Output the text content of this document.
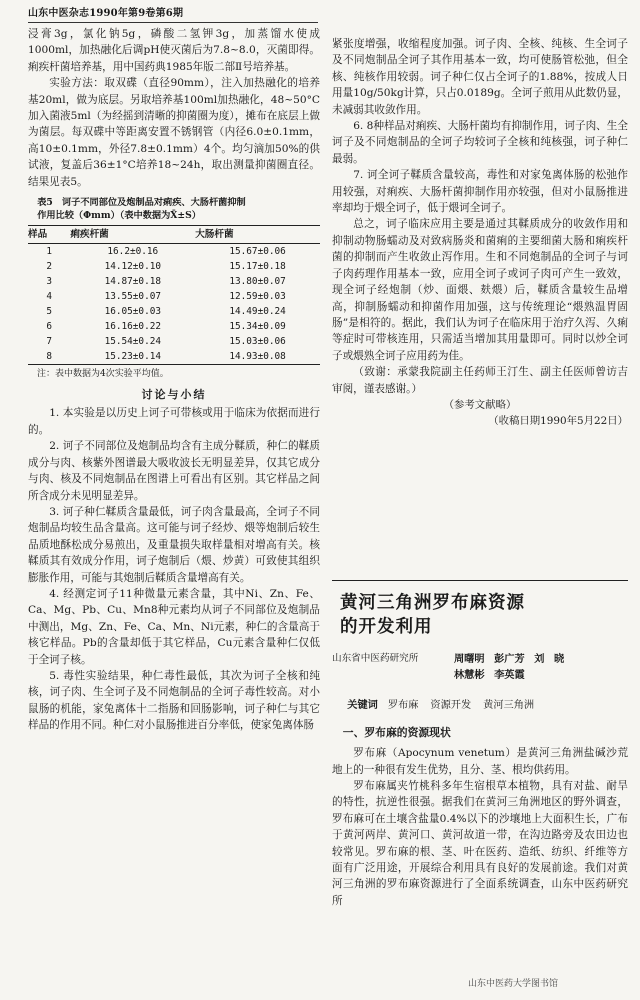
山东中医杂志1990年第9卷第6期

浸膏3g，氯化钠5g，磷酸二氢钾3g，加蒸馏水使成1000ml，加热融化后调pH使灭菌后为7.8~8.0，灭菌即得。痢疾杆菌培养基，用中国药典1985年版二部Ⅱ号培养基。

实验方法：取双碟（直径90mm），注入加热融化的培养基20ml，做为底层。另取培养基100ml加热融化，48~50°C加入菌液5ml（为经摇到清晰的抑菌圈为度），摊布在底层上做为菌层。每双碟中等距离安置不锈钢管（内径6.0±0.1mm，高10±0.1mm，外径7.8±0.1mm）4个。均匀滴加50%的供试液，复盖后36±1°C培养18~24h，取出测量抑菌圈直径。结果见表5。

表5　诃子不同部位及炮制品对痢疾、大肠杆菌抑制
作用比较（Φmm）（表中数据为X̄±S）
样品	痢疾杆菌	大肠杆菌
1	16.2±0.16	15.67±0.06
2	14.12±0.10	15.17±0.18
3	14.87±0.18	13.80±0.07
4	13.55±0.07	12.59±0.03
5	16.05±0.03	14.49±0.24
6	16.16±0.22	15.34±0.09
7	15.54±0.24	15.03±0.06
8	15.23±0.14	14.93±0.08
注：表中数据为4次实验平均值。
讨论与小结

1. 本实验是以历史上诃子可带核或用于临床为依据而进行的。

2. 诃子不同部位及炮制品均含有主成分鞣质，种仁的鞣质成分与肉、核紫外图谱最大吸收波长无明显差异，仅其它成分与肉、核及不同炮制品在图谱上可看出有区别。其它样品之间所含成分未见明显差异。

3. 诃子种仁鞣质含量最低，诃子肉含量最高，全诃子不同炮制品均较生品含量高。这可能与诃子经炒、煨等炮制后较生品质地酥松成分易煎出，及重量损失取样量相对增高有关。核鞣质其有效成分作用，诃子炮制后（煨、炒黄）可致使其组织膨胀作用，可能与其炮制后鞣质含量增高有关。

4. 经测定诃子11种微量元素含量，其中Ni、Zn、Fe、Ca、Mg、Pb、Cu、Mn8种元素均从诃子不同部位及炮制品中测出，Mg、Zn、Fe、Ca、Mn、Ni元素，种仁的含量高于核它样品。Pb的含量却低于其它样品，Cu元素含量种仁仅低于全诃子核。

5. 毒性实验结果，种仁毒性最低，其次为诃子全核和纯核，诃子肉、生全诃子及不同炮制品的全诃子毒性较高。对小鼠肠的机能，家兔离体十二指肠和回肠影响，诃子种仁与其它样品的作用不同。种仁对小鼠肠推进百分率低，使家兔离体肠

紧张度增强，收缩程度加强。诃子肉、全核、纯核、生全诃子及不同炮制品全诃子其作用基本一致，均可使肠管松弛，但全核、纯核作用较弱。诃子种仁仅占全诃子的1.88%，按成人日用量10g/50kg计算，只占0.0189g。全诃子煎用从此数仍显，未减弱其收敛作用。

6. 8种样品对痢疾、大肠杆菌均有抑制作用，诃子肉、生全诃子及不同炮制品的全诃子均较诃子全核和纯核强，诃子种仁最弱。

7. 诃全诃子鞣质含量较高，毒性和对家兔离体肠的松弛作用较强，对痢疾、大肠杆菌抑制作用亦较强，但对小鼠肠推进率却均于煨全诃子，低于煨诃全诃子。

总之，诃子临床应用主要是通过其鞣质成分的收敛作用和抑制动物肠蠕动及对致病肠炎和菌痢的主要细菌大肠和痢疾杆菌的抑制而产生收敛止泻作用。生和不同炮制品的全诃子与诃子肉药理作用基本一致，应用全诃子或诃子肉可产生一致效，现全诃子经炮制（炒、面煨、麸煨）后，鞣质含量较生品增高，抑制肠蠕动和抑菌作用加强，这与传统理论“煨熟温胃固肠”是相符的。据此，我们认为诃子在临床用于治疗久泻、久痢等症时可带核连用，只需适当增加其用量即可。同时以炒全诃子或煨熟全诃子应用药为佳。

（致谢：承蒙我院副主任药师王汀生、副主任医师曾访吉审阅，谨表感谢。）

（参考文献略）
（收稿日期1990年5月22日）
黄河三角洲罗布麻资源
的开发利用
山东省中医药研究所	周曙明 彭广芳 刘 晓
林慧彬 李英霞
关键词 罗布麻 资源开发 黄河三角洲
一、罗布麻的资源现状

罗布麻（Apocynum venetum）是黄河三角洲盐碱沙荒地上的一种很有发生优势，且分、茎、根均供药用。

罗布麻属夹竹桃科多年生宿根草本植物，具有对盐、耐旱的特性，抗逆性很强。据我们在黄河三角洲地区的野外调查，罗布麻可在土壤含盐量0.4%以下的沙壤地上大面积生长，广布于黄河两岸、黄河口、黄河故道一带，在沟边路旁及农田边也较常见。罗布麻的根、茎、叶在医药、造纸、纺织、纤维等方面有广泛用途，开展综合利用具有良好的发展前途。我们对黄河三角洲的罗布麻资源进行了全面系统调查，山东中医药研究所

山东中医药大学图书馆
